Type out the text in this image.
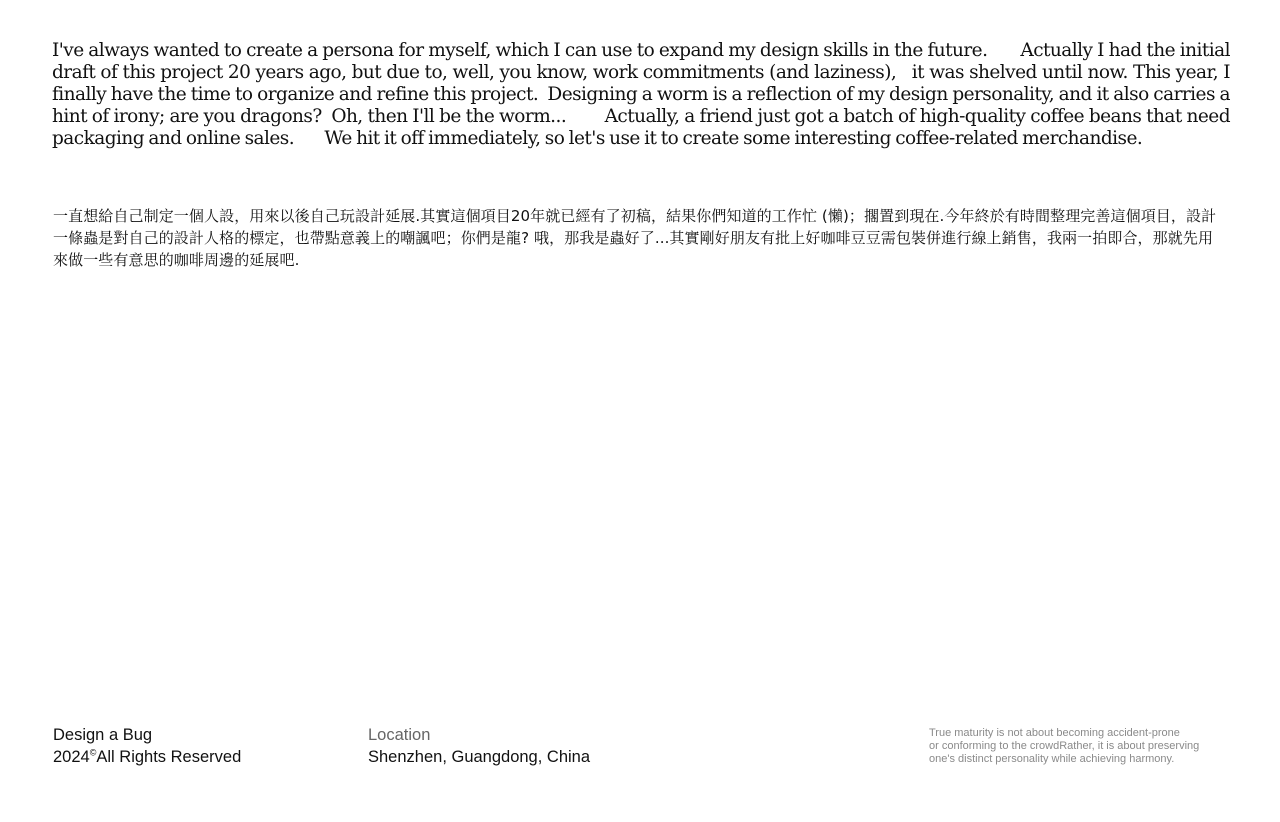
I've always wanted to create a persona for myself, which I can use to expand my design skills in the future.       Actually I had the initial draft of this project 20 years ago, but due to, well, you know, work commitments (and laziness),   it was shelved until now. This year, I finally have the time to organize and refine this project.  Designing a worm is a reflection of my design personality, and it also carries a hint of irony; are you dragons?  Oh, then I'll be the worm...        Actually, a friend just got a batch of high-quality coffee beans that need packaging and online sales.       We hit it off immediately, so let's use it to create some interesting coffee-related merchandise.

一直想給自己制定一個人設，用來以後自己玩設計延展.其實這個項目20年就已經有了初稿，結果你們知道的工作忙 (懶)；擱置到現在.今年終於有時間整理完善這個項目，設計一條蟲是對自己的設計人格的標定，也帶點意義上的嘲諷吧；你們是龍? 哦，那我是蟲好了...其實剛好朋友有批上好咖啡豆豆需包裝併進行線上銷售，我兩一拍即合，那就先用來做一些有意思的咖啡周邊的延展吧.

Design a Bug
2024©All Rights Reserved
Location
Shenzhen, Guangdong, China
True maturity is not about becoming accident-prone
or conforming to the crowdRather, it is about preserving
one's distinct personality while achieving harmony.
